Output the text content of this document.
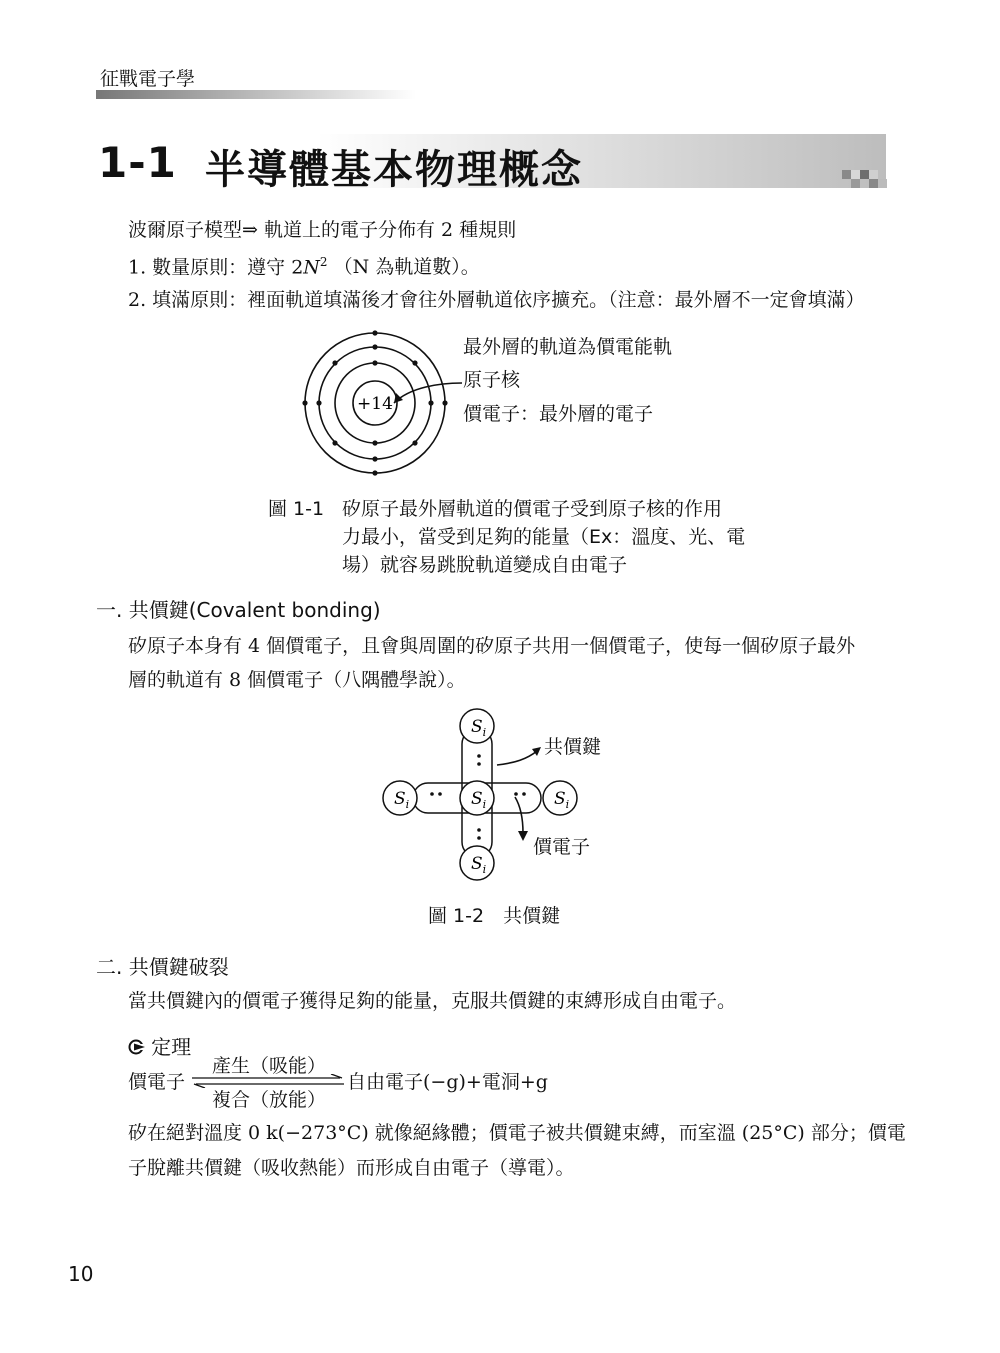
征戰電子學
1-1 半導體基本物理概念
波爾原子模型⇒ 軌道上的電子分佈有 2 種規則
1. 數量原則：遵守 $2N^2$ （N 為軌道數）。
2. 填滿原則：裡面軌道填滿後才會往外層軌道依序擴充。（注意：最外層不一定會填滿）
+14
最外層的軌道為價電能軌
原子核
價電子：最外層的電子
圖 1-1 矽原子最外層軌道的價電子受到原子核的作用
力最小，當受到足夠的能量（Ex：溫度、光、電
場）就容易跳脫軌道變成自由電子
一. 共價鍵(Covalent bonding)
矽原子本身有 4 個價電子，且會與周圍的矽原子共用一個價電子，使每一個矽原子最外
層的軌道有 8 個價電子（八隅體學說）。
$S_i$
$S_i$
$S_i$	$S_i$
$S_i$
共價鍵
價電子
圖 1-2　共價鍵
二. 共價鍵破裂
當共價鍵內的價電子獲得足夠的能量，克服共價鍵的束縛形成自由電子。
定理
價電子
產生（吸能）
複合（放能）
自由電子(−g)+電洞+g
矽在絕對溫度 0 k(−273°C) 就像絕緣體；價電子被共價鍵束縛，而室溫 (25°C) 部分；價電
子脫離共價鍵（吸收熱能）而形成自由電子（導電）。
10
